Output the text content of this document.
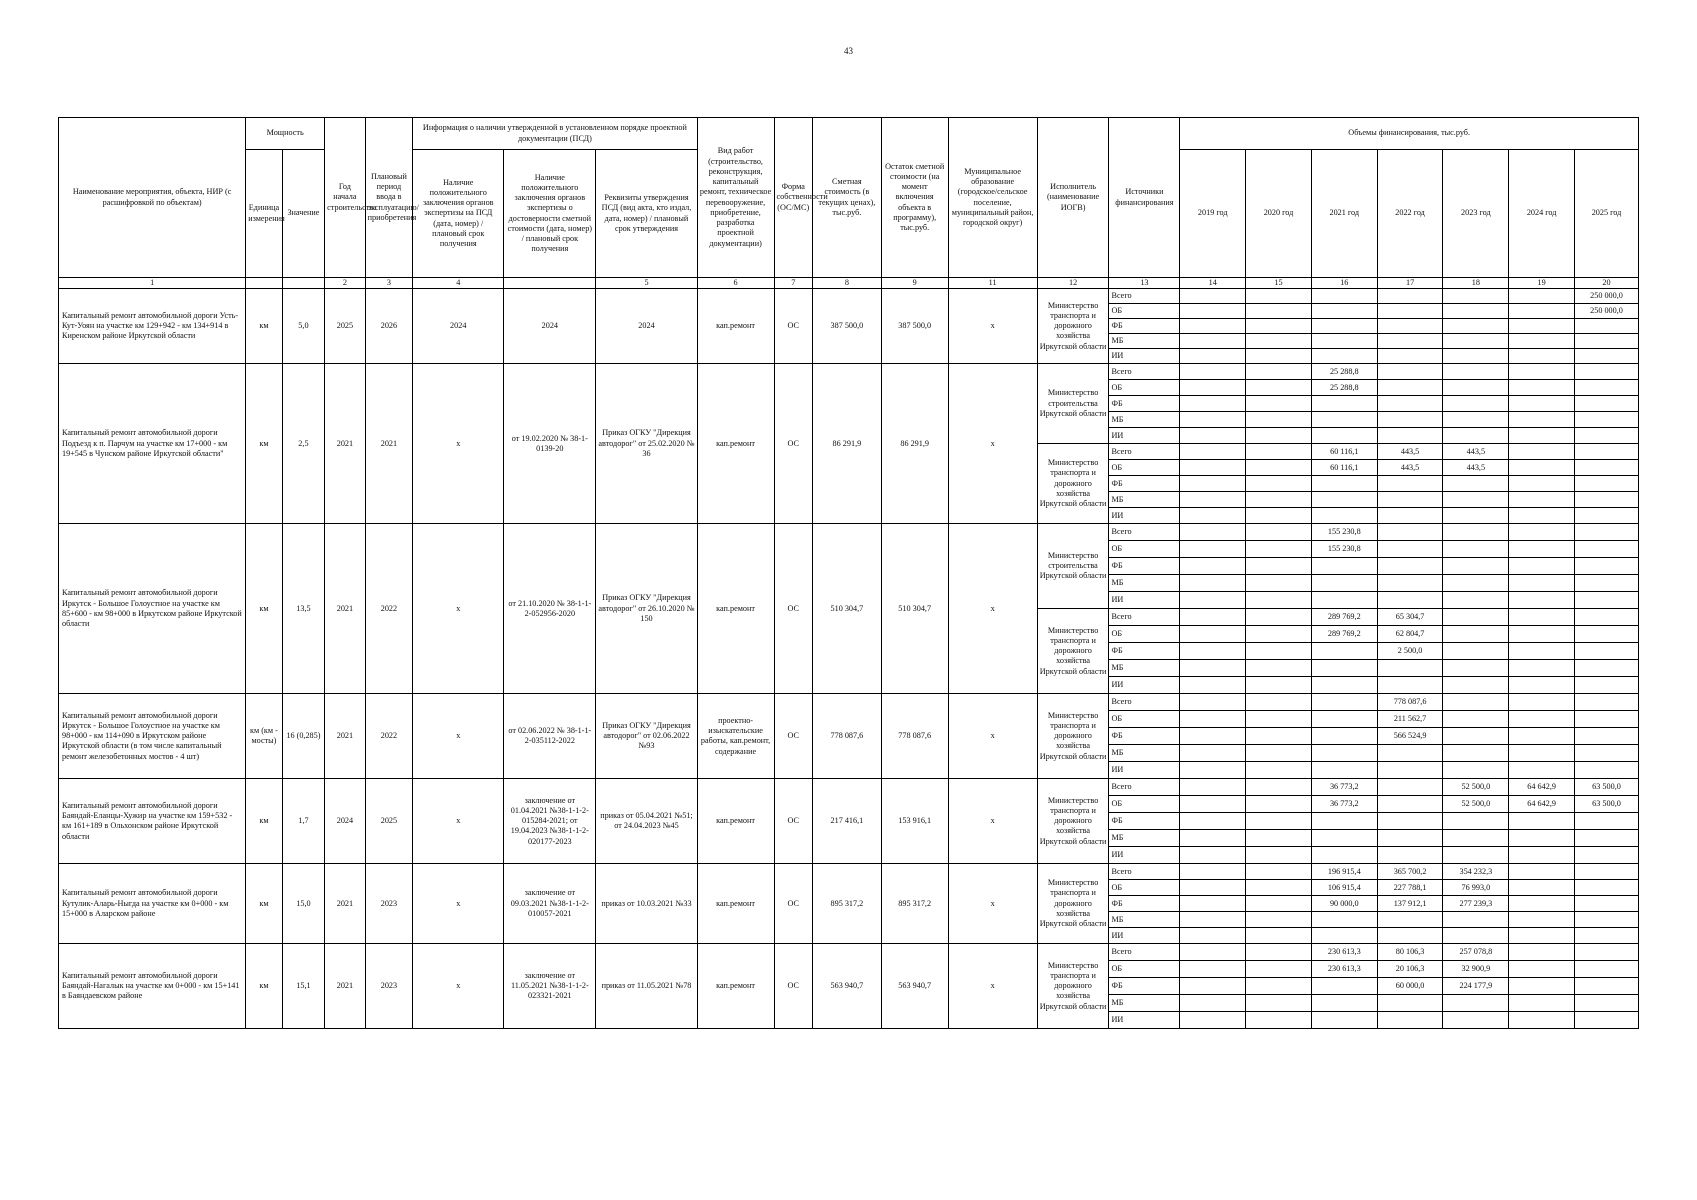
43
Наименование мероприятия, объекта, НИР (с расшифровкой по объектам)	Мощность		Год начала строительства	Плановый период ввода в эксплуатацию/приобретения	Информация о наличии утвержденной в установленном порядке проектной документации (ПСД)			Вид работ (строительство, реконструкция, капитальный ремонт, техническое перевооружение, приобретение, разработка проектной документации)	Форма собственности (ОС/МС)	Сметная стоимость (в текущих ценах), тыс.руб.	Остаток сметной стоимости (на момент включения объекта в программу), тыс.руб.	Муниципальное образование (городское/сельское поселение, муниципальный район, городской округ)	Исполнитель (наименование ИОГВ)	Источники финансирования	Объемы финансирования, тыс.руб.						
	Единица измерения	Значение			Наличие положительного заключения органов экспертизы на ПСД (дата, номер) / плановый срок получения	Наличие положительного заключения органов экспертизы о достоверности сметной стоимости (дата, номер) / плановый срок получения	Реквизиты утверждения ПСД (вид акта, кто издал, дата, номер) / плановый срок утверждения								2019 год	2020 год	2021 год	2022 год	2023 год	2024 год	2025 год
1			2	3	4		5	6	7	8	9	11	12	13	14	15	16	17	18	19	20
Капитальный ремонт автомобильной дороги Усть-Кут-Уоян на участке км 129+942 - км 134+914 в Киренском районе Иркутской области	км	5,0	2025	2026	2024	2024	2024	кап.ремонт	ОС	387 500,0	387 500,0	х	Министерство транспорта и дорожного хозяйства Иркутской области	Всего							250 000,0
														ОБ							250 000,0
														ФБ							
														МБ							
														ИИ							
Капитальный ремонт автомобильной дороги Подъезд к п. Парчум на участке км 17+000 - км 19+545 в Чунском районе Иркутской области"	км	2,5	2021	2021	х	от 19.02.2020 № 38-1-0139-20	Приказ ОГКУ "Дирекция автодорог" от 25.02.2020 № 36	кап.ремонт	ОС	86 291,9	86 291,9	х	Министерство строительства Иркутской области	Всего			25 288,8				
														ОБ			25 288,8				
														ФБ							
														МБ							
														ИИ							
													Министерство транспорта и дорожного хозяйства Иркутской области	Всего			60 116,1	443,5	443,5		
														ОБ			60 116,1	443,5	443,5		
														ФБ							
														МБ							
														ИИ							
Капитальный ремонт автомобильной дороги Иркутск - Большое Голоустное на участке км 85+600 - км 98+000 в Иркутском районе Иркутской области	км	13,5	2021	2022	х	от 21.10.2020 № 38-1-1-2-052956-2020	Приказ ОГКУ "Дирекция автодорог" от 26.10.2020 № 150	кап.ремонт	ОС	510 304,7	510 304,7	х	Министерство строительства Иркутской области	Всего			155 230,8				
														ОБ			155 230,8				
														ФБ							
														МБ							
														ИИ							
													Министерство транспорта и дорожного хозяйства Иркутской области	Всего			289 769,2	65 304,7			
														ОБ			289 769,2	62 804,7			
														ФБ				2 500,0			
														МБ							
														ИИ							
Капитальный ремонт автомобильной дороги Иркутск - Большое Голоустное на участке км 98+000 - км 114+090 в Иркутском районе Иркутской области (в том числе капитальный ремонт железобетонных мостов - 4 шт)	км (км - мосты)	16 (0,285)	2021	2022	х	от 02.06.2022 № 38-1-1-2-035112-2022	Приказ ОГКУ "Дирекция автодорог" от 02.06.2022 №93	проектно-изыскательские работы, кап.ремонт, содержание	ОС	778 087,6	778 087,6	х	Министерство транспорта и дорожного хозяйства Иркутской области	Всего				778 087,6			
														ОБ				211 562,7			
														ФБ				566 524,9			
														МБ							
														ИИ							
Капитальный ремонт автомобильной дороги Баяндай-Еланцы-Хужир на участке км 159+532 - км 161+189 в Ольхонском районе Иркутской области	км	1,7	2024	2025	х	заключение от 01.04.2021 №38-1-1-2-015284-2021; от 19.04.2023 №38-1-1-2-020177-2023	приказ от 05.04.2021 №51; от 24.04.2023 №45	кап.ремонт	ОС	217 416,1	153 916,1	х	Министерство транспорта и дорожного хозяйства Иркутской области	Всего			36 773,2		52 500,0	64 642,9	63 500,0
														ОБ			36 773,2		52 500,0	64 642,9	63 500,0
														ФБ							
														МБ							
														ИИ							
Капитальный ремонт автомобильной дороги Кутулик-Аларь-Ныгда на участке км 0+000 - км 15+000 в Аларском районе	км	15,0	2021	2023	х	заключение от 09.03.2021 №38-1-1-2-010057-2021	приказ от 10.03.2021 №33	кап.ремонт	ОС	895 317,2	895 317,2	х	Министерство транспорта и дорожного хозяйства Иркутской области	Всего			196 915,4	365 700,2	354 232,3		
														ОБ			106 915,4	227 788,1	76 993,0		
														ФБ			90 000,0	137 912,1	277 239,3		
														МБ							
														ИИ							
Капитальный ремонт автомобильной дороги Баяндай-Нагалык на участке км 0+000 - км 15+141 в Баяндаевском районе	км	15,1	2021	2023	х	заключение от 11.05.2021 №38-1-1-2-023321-2021	приказ от 11.05.2021 №78	кап.ремонт	ОС	563 940,7	563 940,7	х	Министерство транспорта и дорожного хозяйства Иркутской области	Всего			230 613,3	80 106,3	257 078,8		
														ОБ			230 613,3	20 106,3	32 900,9		
														ФБ				60 000,0	224 177,9		
														МБ							
														ИИ							
